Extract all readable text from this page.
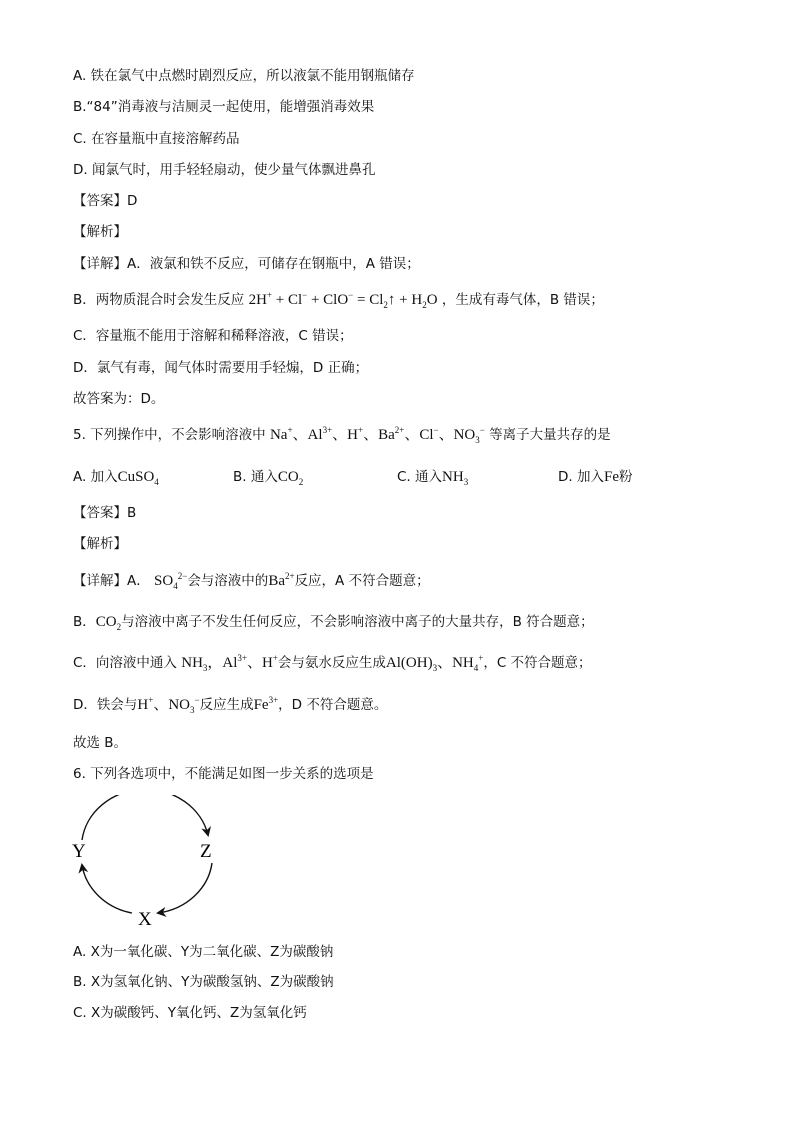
A. 铁在氯气中点燃时剧烈反应，所以液氯不能用钢瓶储存
B.“84”消毒液与洁厕灵一起使用，能增强消毒效果
C. 在容量瓶中直接溶解药品
D. 闻氯气时，用手轻轻扇动，使少量气体飘进鼻孔
【答案】D
【解析】
【详解】A．液氯和铁不反应，可储存在钢瓶中，A 错误；
B．两物质混合时会发生反应 $2H^+ + Cl^- + ClO^- = Cl_2↑ + H_2O$ ，生成有毒气体，B 错误；
C．容量瓶不能用于溶解和稀释溶液，C 错误；
D．氯气有毒，闻气体时需要用手轻煽，D 正确；
故答案为：D。
5. 下列操作中，不会影响溶液中 Na+、$Al^{3+}$、H+、$Ba^{2+}$、Cl−、$NO_3^-$ 等离子大量共存的是
A. 加入CuSO$_4$	B. 通入$CO_2$	C. 通入$NH_3$	D. 加入Fe粉
【答案】B
【解析】
【详解】A． $SO_4^{2-}$会与溶液中的$Ba^{2+}$反应，A 不符合题意；
B．$CO_2$与溶液中离子不发生任何反应，不会影响溶液中离子的大量共存，B 符合题意；
C．向溶液中通入 $NH_3$，$Al^{3+}$、H+会与氨水反应生成$Al(OH)_3$、$NH_4^+$，C 不符合题意；
D．铁会与H+、$NO_3^-$反应生成$Fe^{3+}$，D 不符合题意。
故选 B。
6. 下列各选项中，不能满足如图一步关系的选项是
Y	Z
X
A. X为一氧化碳、Y为二氧化碳、Z为碳酸钠
B. X为氢氧化钠、Y为碳酸氢钠、Z为碳酸钠
C. X为碳酸钙、Y氧化钙、Z为氢氧化钙
